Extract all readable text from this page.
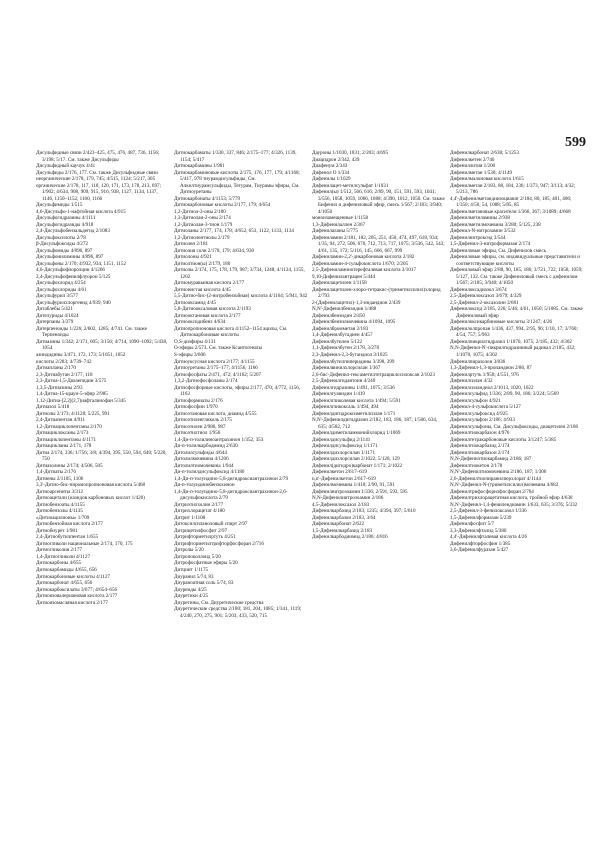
599

Дисульфидные связи 2/423–425, 475, 476, 487, 736, 1156; 3/198; 5/17. См. также Дисульфиды

Дисульфидный каучук 4/41

Дисульфиды 2/176, 177. См. также Дисульфидные связи

неорганические 2/178, 179, 745; 4/515, 1124; 5/217, 305

органические 2/178, 117, 118, 120, 171, 173, 178, 213, 697; 1/902; 4/634, 908, 909, 915, 916, 938, 1127, 1134, 1137, 1146, 1150–1152, 1160, 1166

Дисульфимиды 1/515

4,6-Дисульфо-1-нафтойная кислота 4/915

Дисульфогидразины 4/1111

Дисульфогидразиды 4/918

2,4-Дисульфобензальдегид 2/1083

Дисульфоксилоты 2/78

β-Дисульфоксиды 4/272

Дисульфомиды 4/896, 897

Дисульфонилимины 4/896, 897

Дисульфоны 2/170; 4/932, 934, 1151, 1152

4,6-Дисульфофлоролцин 4/1266

2,4-Дисульфофенилфлуорон 5/125

Дисульфохлорид 4/254

Дисульфохлориды 4/61

Дисульфурил 3/577

Дисульфурилхлоргенид 4/939, 940

Дитаблебы 5/421

Дителуриды 4/1024

Дитерпаны 3/379

Дитерпеноиды 1/226; 2/602, 1285; 4/741. См. также Терпеноиды

Дитиазины 1/342; 2/171, 605; 3/156; 4/714, 1090–1092; 5/438, 1054

азиндидины 3/471, 172, 173; 5/1051, 1052

кислоты 2/283; 4/739–742

Дитиапланы 2/170

2,3-Дитиабутан 2/177, 118

2,3-Дитиа-1,5-Диазепидин 3/575

1,3,5-Дитиазины 2/93

1,4-Дитиа-15-краун-5-эфир 2/985

1,12-Дитиа-[2,2](2,7)нафталинофан 5/345

Дитиазол 5/418

Дитиолы 2/173; 4/1128; 5/225, 991

2,4-Дитиапентан 4/911

1,2-Дитиациклопентаны 2/170

Дитиациклоксаны 2/173

Дитиациклопентаны 4/1171

Дитиацикланы 2/171, 178

Дитиа 2/174, 336; 1/756; 3/8; 4/394, 395, 550, 594, 640; 5/220, 750

Дитиазолины 2/174; 4/506, 505

1,4-Дитиаты 2/176

Дитиены 2/1105, 1106

3,3'-Дитио-бис-пиромопропионовая кислота 5/468

Дитиоарсениты 3/312

Дитиоацетали (иазидов карбоновых кислот 1/420)

Дитиобензоаты 4/1155

Дитиобензолы 4/1135

«Дитиоацилионы» 1/709

Дитиобензойная кислота 2/177

Дитиобиурет 1/981

2,4-Дитиобутилпентан 1/655

Дитиогликоли национальные 2/174, 170, 175

Дитиогликолия 2/177

1,4-Дитиогликоли 4/1127

Дитиокарбоны 4/655

Дитиокарбамиды 4/655, 656

Дитиокарбоновые кислоты 4/1127

Дитиокарбонат 4/655, 656

Дитиокарбоксилаты 3/677; 4/654–656

Дитиоизовалериановая кислота 2/177

Дитиоизомасляная кислота 2/177

Дитиокарбаматы 1/330, 337, 846; 2/175–177; 4/326, 1139, 1154; 5/417

Дитиокарбамины 1/981

Дитиокарбаминовые кислоты 2/175, 176, 177, 179; 4/1168; 5/417, 978 тиурамдисульфиды, См. Алкилтиурамсульфиды, Тетурам, Тиурамы эфиры, См. Дитиоуретаны

Дитиокарбонаты 4/1153; 5/779

Дитиокарбоновые кислоты 2/177, 179; 4/654

1,2-Дитиол-3-оны 2/180

1,3-Дитиолан-2-оны 2/174

1,2-Дитиолан-3-тион 1/179

Дитиоланы 2/177, 174, 178; 4/652, 653, 1122, 1133, 1134

1,2-Дитиолентиолы 2/179

Дитиолен 2/181

Дитиолия соли 2/178, 179; 4/634, 930

Дитиолоны 4/921

Дитиолтион(ы) 2/179, 180

Дитиолы 2/174, 175, 178, 179, 987; 3/734, 1248; 4/1134, 1155, 1202

Дитиомуравьиная кислота 2/177

Дитионистая кислота 4/45

5,5-Дитио-бис-(2-нитробензойная) кислота 4/1164; 5/941, 942

Дитиооксамид 4/45

5,8-Дитиооксаловая кислота 2/1193

Дитиооктановая кислота 2/177

Дитиооксидибенз 4/634

Дитиопропионовая кислота 4/1152–1154 ацилы, См. Дитиокарбоновые кислоты

О,S-диэфиры 4/131

О-эфиры 2/573. См. также Ксантогенаты

S-эфиры 3/606

Дитиоуксусная кислота 2/177; 4/1155

Дитиоуретаны 2/175–177; 4/1156, 1166

Дитиофосфаты 2/471, 472; 4/1162; 5/207

1,3,2-Дитиофосфоланы 2/174

Дитиофосфорные кислоты, эфиры 2/177, 470; 4/772, 1156, 1162

Дитиоформиаты 2/176

Дитиофосфин 1/970

Дитиоэтановая кислота, диамид 4/555

Дитиоэтиленгликоль 2/175

Дитиоэтилен 2/986, 987

Дитиоэтилтиол 1/956

1,4-Ди-п-толилиноантрахинон 1/352, 353

Ди-п-толилкарбодимид 2/630

Дитолилсульфиды 4/644

Дитолилмочевина 4/1206

Дитолилтиомочевина 1/944

Ди-п-толилдисульфоксид 4/1180

1,4-Ди-п-толуидино-5,8-дигидроксиантрахинон 2/79

Ди-п-толуидинобензохинон

1,4-Ди-п-толуидино-5,8-дигидроксиантрахинон-2,6-дисульфокислота 2/79

Дитриэтилхолин 2/177

Дитрихлорацетат 4/180

Дитрит 1/1108

Дитоксилсиланоловый спирт 2/97

Дитрицетилфосфит 2/97

Дитрифторметилртуть 4/251

Дитрифторметилтрифторфосфоран 2/716

Дитролы 5/20

Дитропоколлоид 5/20

Дитрофосфатные эфиры 5/20

Дитциит 1/1175

Диуранил 5/74, 83

Диураноатная соль 5/74, 83

Диуреиды 4/25

Диуретики 4/25

Диуретины, См. Диуретические средства

Диуретические средства 2/180; 181, 204, 1085; 1/341, 1119; 4/240, 270, 275, 901; 5/203, 433, 520, 715

Дауроны 1/1030, 1031; 2/203; 4/695

Диацидрон 2/342, 439

Диафенум 2/343

Дифенол О 1/334

Дифенилы 1/1029

Дифенилацет-метилсульфат 1/1031

Дифенил(ы) 1/512, 566, 616; 2/89, 90, 151, 591, 593, 1041; 3/556, 1058, 1059, 1066, 1088; 4/390, 1012, 1050. См. также Бифенил и дифениловый эфир, смесь 1/567; 2/183; 3/940; 4/1050

моноизамещенные 1/1158

1,3-Дифенилаллен 2/367

Дифенилаланы 5/775

Дифениламин 2/181, 182, 205, 251, 450, 474, 497, 618, 934; 1/35, 94, 272, 506, 670, 712, 713, 717, 1075; 3/536, 542, 543; 4/61, 135, 172; 5/116, 145, 666, 667, 999

Дифениламин-2,2'-дикарбоновая кислота 2/182

Дифениламин-4-сульфокислота 1/670; 2/205

2,5-Дифениламинотерефталевая кислота 3/1017

9,10-Дифенилантрацен 5/444

Дифенилацетилен 1/1158

Дифенилацетилен-хлоро-тетракис-(триметилсилил)хлорид 2/793

2-(Дифенилацетил)-1,3-индандион 2/439

N,N'-Дифенилбензидин 1/488

Дифенилбензидин 2/450

Дифенилбензилмочевина 4/1094, 1095

Дифенилбромметан 2/183

1,4-Дифенилбутадиен 4/457

Дифенилбутилен 5/122

1,1-Дифенилбутен 2/178, 3/278

2,3-Дифенил-2,3-бутандиол 3/1025

Дифенилбутилпиперидины 3/398, 399

Дифенилвинилхлорсилан 1/367

2,6-бис-Дифенил-гексаметилтетрациклосилоксан 2/1023

2,5-Дифенилгидантоин 4/240

Дифенилгидразины 1/491, 1075; 3/536

Дифенилгуанидин 1/419

Дифенилгликолевая кислота 1/494; 5/591

Дифенилгликоксаль 1/494, 494

Дифенилдигидроксиметилсилан 1/171

N,N'-Дифенилдигидразин 2/182, 183, 186, 187; 1/506, 634, 635; 4/582, 712

Дифенилдиметиламмонийхлорид 1/1069

Дифенилдисульфид 2/1141

Дифенилдисульфоксид 1/1171

Дифенилдихлорсилан 1/1171

Дифенилдихлорсилан 2/1022; 5/128, 129

Дифенил(дигидро)карбонат 1/171; 2/1022

Дифенилкетон 2/617–619

n,n'-Дифенилкетон 2/617–619

Дифенилмочевина 1/418; 2/90, 91, 591

Дифенилнитрозоамин 1/336; 2/591, 593, 595

N,N-Дифенилнитрозоамин 2/186

4,5-Дифенилоксазол 2/183

Дифенилкарбазид 2/183, 1235; 4/394, 397; 5/610

Дифенилкарбазон 2/183, 3/64

Дифенилкарбонат 2/622

1,5-Дифенилкарбазид 2/183

Дифенилкарбодиимид 2/186; 4/816

Дифенилкарбонат 2/638; 5/1253

Дифенилкетен 2/740

Дифениллития 1/200

Дифенилметан 1/530; 4/1149

Дифенилмалоновая кислота 1/615

Дифенилметан 2/183, 88, 184, 236; 1/373, 947; 3/113; 4/32; 5/213, 786

4,4'-Дифенилметандиизоцианат 2/184, 80, 185, 401, 406; 1/350; 4/50, 54, 1088; 5/85, 85

Дифенилметановые красители 1/366, 367; 3/1089; 4/668

Дифенилметиламины 2/938

Дифенилметилмочевина 3/280; 5/125, 238

Дифенил-N-нитрозамин 3/532

Дифенилнитроксид 3/544

1,5-Дифенил-3-нитроформазан 2/174

Дифениловые эфиры, См. Дифенилов смесь

Дифениловые эфиры, см. индивидуальные представители и соответствующие кислоты

Дифениловый эфир 2/88, 90, 185, 186; 3/721, 722, 1058, 1059; 5/127, 132. См. также Дифениловый смесь с дифенилом 1/567; 2/185; 3/940; 4/1050

Дифенилоксадиазол 3/674

2,5-Дифенилоксазол 3/679; 4/329

2,5-Дифенил-2-оксазолин 3/681

Дифенилоксид 2/185, 226; 5/46; 4/61, 1050; 5/1085. См. также Дифениловый эфир

Дифенилоксикарбиновые кислоты 3/1247; 4/26

Дифенилолпропан 1/436, 437, 994, 2/95, 96; 1/10, 17; 3/760; 4/54, 757; 5/963

Дифенилпикрилгидразил 1/1070, 1075; 2/185, 432; 4/302

N,N-Дифенил-N'-пикрилгидразинный радикал 2/185, 432; 1/1070, 1075; 4/302

Дифенилпиразолон 3/836

1,3-Дифенил-1,3-пропандион 2/86, 87

Дифенилртуть 1/958; 4/551, 976

Дифенилсилан 4/32

Дифенилсиландиол 2/1013, 1020, 1022

Дифенилсульфид 1/336; 2/89, 90, 186; 3/224; 5/569

Дифенилсульфон 4/921

Дифенил-4-сульфокислота 5/127

Дифенилсульфоксид 4/925

Дифенилсульфон 2/186; 4/933

Дифенилсульфоны, См. Дисульфоксиды, диацетилен 2/186

Дифенилтиокарбазон 4/976

Дифенилтетракарбоновые кислоты 3/1247; 5/385

Дифенилтиокарбазид 2/174

Дифенилтиокарбазон 2/174

N,N-Дифенилтиокарбамид 2/186; 187

Дифенилтиокетон 2/178

N,N'-Дифенилтиомочевина 2/186, 187; 1/306

2,6-Дифенилтиопиранилперхлорат 4/1144

N,N'-Дифенил-N-(триметилсилил)мочевина 4/682

Дифенилтрифосфорилфосфоран 2/764

Дифенилтрихлорацетатная кислота, тройной эфир 4/638

N,N'-Дифенил-1,4-фенилендиамин 1/633, 635; 3/376; 5/332

2,5-Дифенил-3-фенилоксазол 1/336

1,5-Дифенилформазан 5/239

Дифенилфосфит 5/7

3,3-Дифенилфталид 5/380

4,4'-Дифенилфталевая кислота 4/26

Дифенилфторфосфин 1/385

3,6-Дифенилфуразан 5/427
